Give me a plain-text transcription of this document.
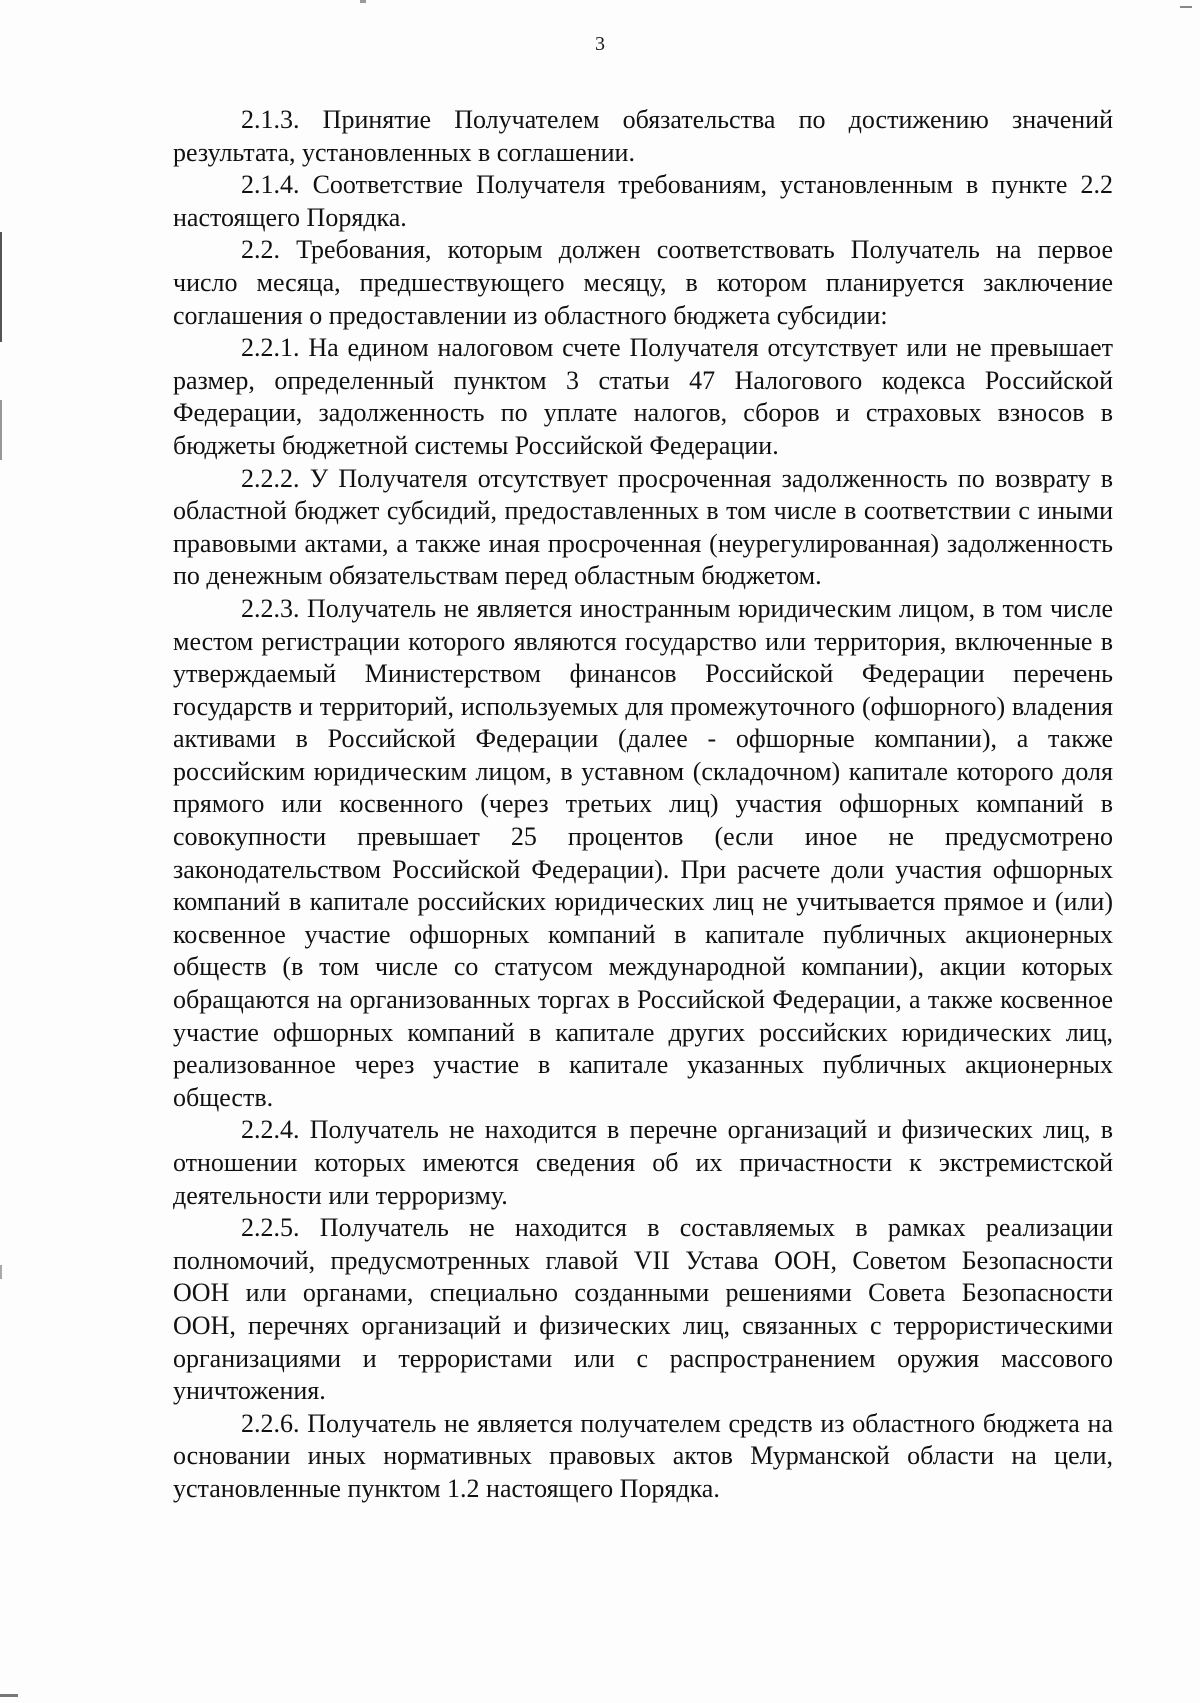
3

2.1.3. Принятие Получателем обязательства по достижению значений результата, установленных в соглашении.

2.1.4. Соответствие Получателя требованиям, установленным в пункте 2.2 настоящего Порядка.

2.2. Требования, которым должен соответствовать Получатель на первое число месяца, предшествующего месяцу, в котором планируется заключение соглашения о предоставлении из областного бюджета субсидии:

2.2.1. На едином налоговом счете Получателя отсутствует или не превышает размер, определенный пунктом 3 статьи 47 Налогового кодекса Российской Федерации, задолженность по уплате налогов, сборов и страховых взносов в бюджеты бюджетной системы Российской Федерации.

2.2.2. У Получателя отсутствует просроченная задолженность по возврату в областной бюджет субсидий, предоставленных в том числе в соответствии с иными правовыми актами, а также иная просроченная (неурегулированная) задолженность по денежным обязательствам перед областным бюджетом.

2.2.3. Получатель не является иностранным юридическим лицом, в том числе местом регистрации которого являются государство или территория, включенные в утверждаемый Министерством финансов Российской Федерации перечень государств и территорий, используемых для промежуточного (офшорного) владения активами в Российской Федерации (далее - офшорные компании), а также российским юридическим лицом, в уставном (складочном) капитале которого доля прямого или косвенного (через третьих лиц) участия офшорных компаний в совокупности превышает 25 процентов (если иное не предусмотрено законодательством Российской Федерации). При расчете доли участия офшорных компаний в капитале российских юридических лиц не учитывается прямое и (или) косвенное участие офшорных компаний в капитале публичных акционерных обществ (в том числе со статусом международной компании), акции которых обращаются на организованных торгах в Российской Федерации, а также косвенное участие офшорных компаний в капитале других российских юридических лиц, реализованное через участие в капитале указанных публичных акционерных обществ.

2.2.4. Получатель не находится в перечне организаций и физических лиц, в отношении которых имеются сведения об их причастности к экстремистской деятельности или терроризму.

2.2.5. Получатель не находится в составляемых в рамках реализации полномочий, предусмотренных главой VII Устава ООН, Советом Безопасности ООН или органами, специально созданными решениями Совета Безопасности ООН, перечнях организаций и физических лиц, связанных с террористическими организациями и террористами или с распространением оружия массового уничтожения.

2.2.6. Получатель не является получателем средств из областного бюджета на основании иных нормативных правовых актов Мурманской области на цели, установленные пунктом 1.2 настоящего Порядка.
